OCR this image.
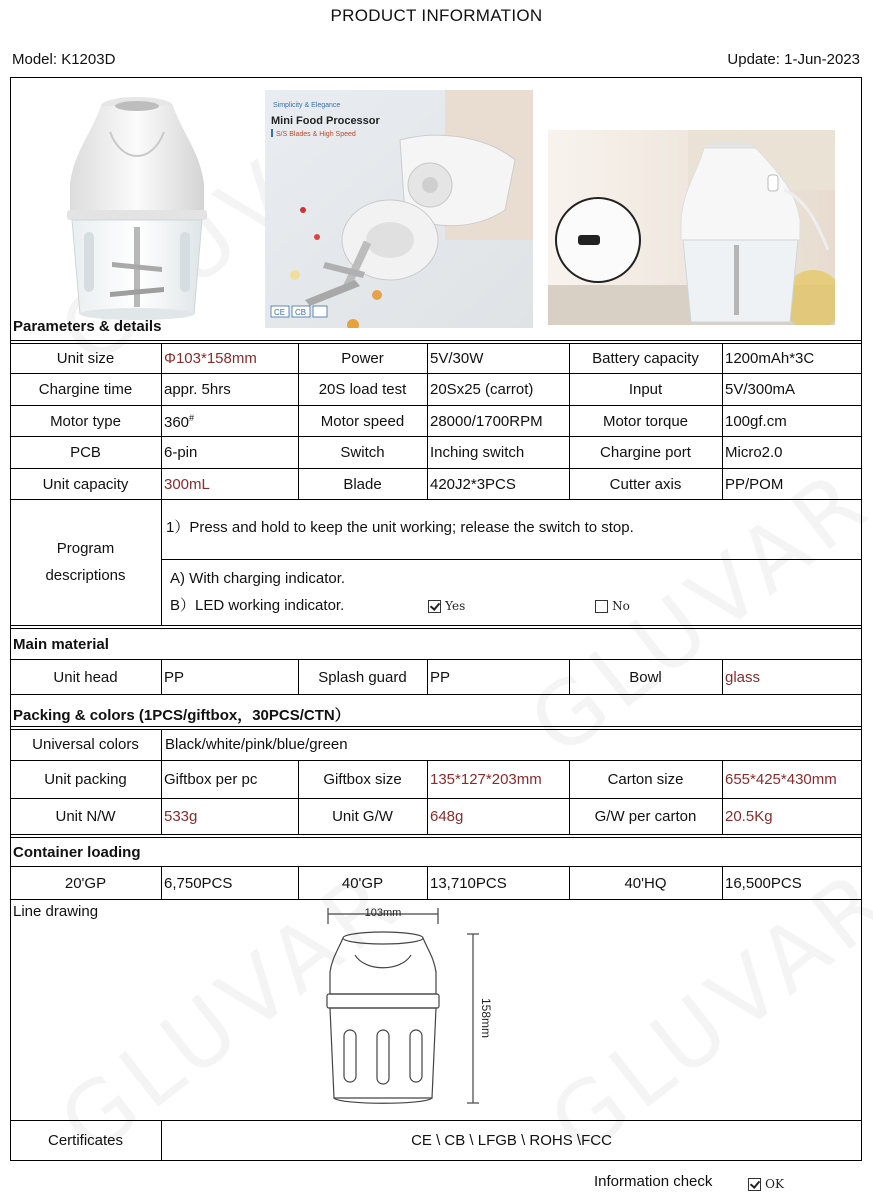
PRODUCT INFORMATION
Model: K1203D	Update: 1-Jun-2023
Simplicity & Elegance
Mini Food Processor
S/S Blades & High Speed
CE CB
Parameters & details
Unit size	Φ103*158mm	Power	5V/30W	Battery capacity	1200mAh*3C
Chargine time	appr. 5hrs	20S load test	20Sx25 (carrot)	Input	5V/300mA
Motor type	360#	Motor speed	28000/1700RPM	Motor torque	100gf.cm
PCB	6-pin	Switch	Inching switch	Chargine port	Micro2.0
Unit capacity	300mL	Blade	420J2*3PCS	Cutter axis	PP/POM
Program
descriptions
1）Press and hold to keep the unit working; release the switch to stop.
A) With charging indicator.
B）LED working indicator.	Yes	No
Main material
Unit head	PP	Splash guard	PP	Bowl	glass
Packing & colors (1PCS/giftbox，30PCS/CTN）
Universal colors	Black/white/pink/blue/green
Unit packing	Giftbox per pc	Giftbox size	135*127*203mm	Carton size	655*425*430mm
Unit N/W	533g	Unit G/W	648g	G/W per carton	20.5Kg
Container loading
20'GP	6,750PCS	40'GP	13,710PCS	40'HQ	16,500PCS
Line drawing	103mm
158mm
Certificates	CE \ CB \ LFGB \ ROHS \FCC
Information check	OK
